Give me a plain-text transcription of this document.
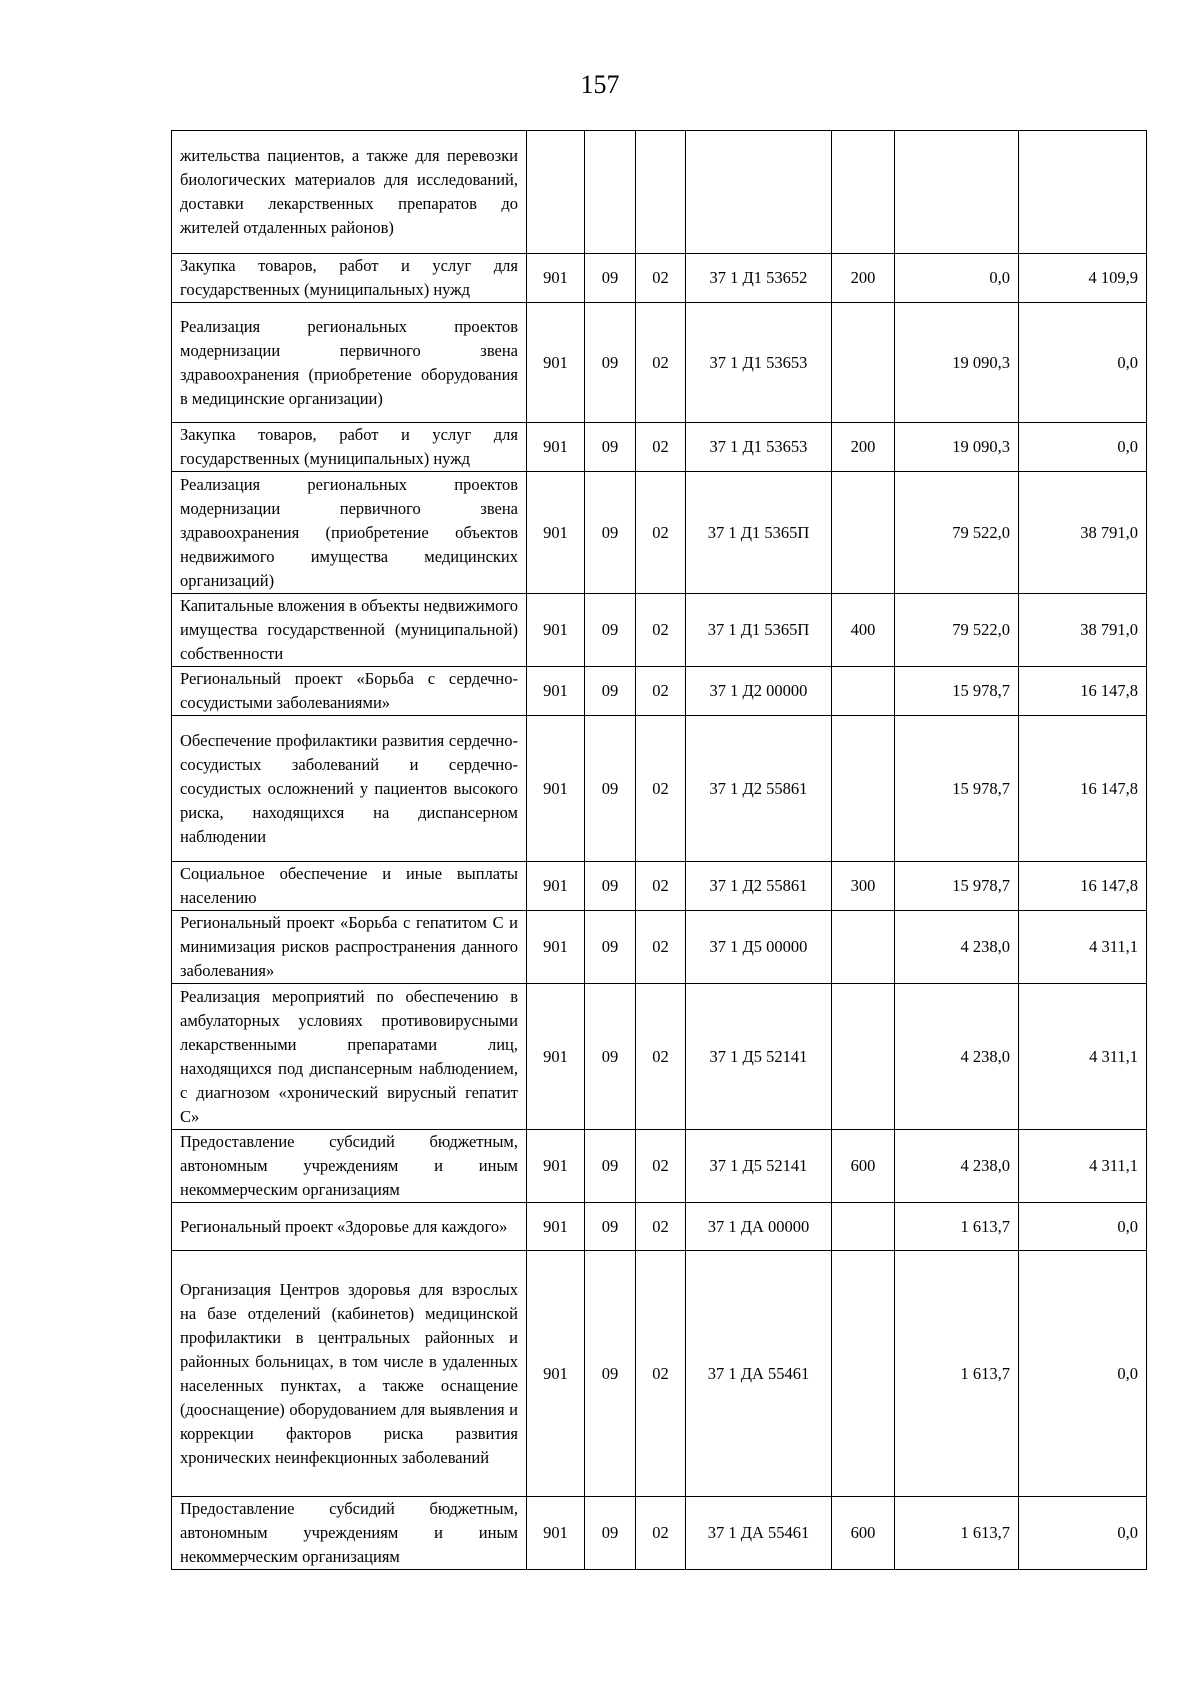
157
жительства пациентов, а также для перевозки биологических материалов для исследований, доставки лекарственных препаратов до жителей отдаленных районов)							
Закупка товаров, работ и услуг для государственных (муниципальных) нужд	901	09	02	37 1 Д1 53652	200	0,0	4 109,9
Реализация региональных проектов модернизации первичного звена здравоохранения (приобретение оборудования в медицинские организации)	901	09	02	37 1 Д1 53653		19 090,3	0,0
Закупка товаров, работ и услуг для государственных (муниципальных) нужд	901	09	02	37 1 Д1 53653	200	19 090,3	0,0
Реализация региональных проектов модернизации первичного звена здравоохранения (приобретение объектов недвижимого имущества медицинских организаций)	901	09	02	37 1 Д1 5365П		79 522,0	38 791,0
Капитальные вложения в объекты недвижимого имущества государственной (муниципальной) собственности	901	09	02	37 1 Д1 5365П	400	79 522,0	38 791,0
Региональный проект «Борьба с сердечно-сосудистыми заболеваниями»	901	09	02	37 1 Д2 00000		15 978,7	16 147,8
Обеспечение профилактики развития сердечно-сосудистых заболеваний и сердечно-сосудистых осложнений у пациентов высокого риска, находящихся на диспансерном наблюдении	901	09	02	37 1 Д2 55861		15 978,7	16 147,8
Социальное обеспечение и иные выплаты населению	901	09	02	37 1 Д2 55861	300	15 978,7	16 147,8
Региональный проект «Борьба с гепатитом С и минимизация рисков распространения данного заболевания»	901	09	02	37 1 Д5 00000		4 238,0	4 311,1
Реализация мероприятий по обеспечению в амбулаторных условиях противовирусными лекарственными препаратами лиц, находящихся под диспансерным наблюдением, с диагнозом «хронический вирусный гепатит С»	901	09	02	37 1 Д5 52141		4 238,0	4 311,1
Предоставление субсидий бюджетным, автономным учреждениям и иным некоммерческим организациям	901	09	02	37 1 Д5 52141	600	4 238,0	4 311,1
Региональный проект «Здоровье для каждого»	901	09	02	37 1 ДА 00000		1 613,7	0,0
Организация Центров здоровья для взрослых на базе отделений (кабинетов) медицинской профилактики в центральных районных и районных больницах, в том числе в удаленных населенных пунктах, а также оснащение (дооснащение) оборудованием для выявления и коррекции факторов риска развития хронических неинфекционных заболеваний	901	09	02	37 1 ДА 55461		1 613,7	0,0
Предоставление субсидий бюджетным, автономным учреждениям и иным некоммерческим организациям	901	09	02	37 1 ДА 55461	600	1 613,7	0,0
